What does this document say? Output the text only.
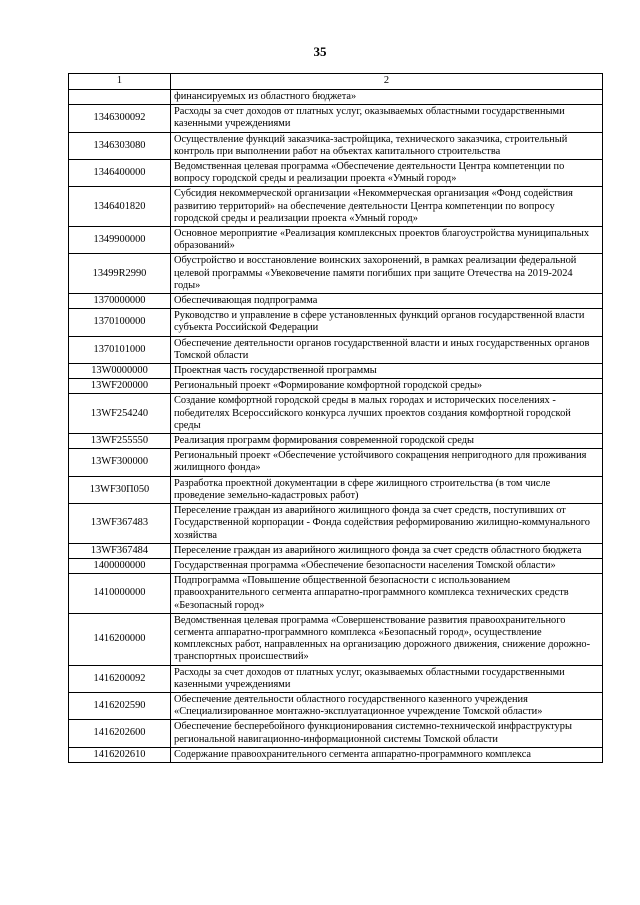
35
1	2
	финансируемых из областного бюджета»
1346300092	Расходы за счет доходов от платных услуг, оказываемых областными государственными казенными учреждениями
1346303080	Осуществление функций заказчика-застройщика, технического заказчика, строительный контроль при выполнении работ на объектах капитального строительства
1346400000	Ведомственная целевая программа «Обеспечение деятельности Центра компетенции по вопросу городской среды и реализации проекта «Умный город»
1346401820	Субсидия некоммерческой организации «Некоммерческая организация «Фонд содействия развитию территорий» на обеспечение деятельности Центра компетенции по вопросу городской среды и реализации проекта «Умный город»
1349900000	Основное мероприятие «Реализация комплексных проектов благоустройства муниципальных образований»
13499R2990	Обустройство и восстановление воинских захоронений, в рамках реализации федеральной целевой программы «Увековечение памяти погибших при защите Отечества на 2019-2024 годы»
1370000000	Обеспечивающая подпрограмма
1370100000	Руководство и управление в сфере установленных функций органов государственной власти субъекта Российской Федерации
1370101000	Обеспечение деятельности органов государственной власти и иных государственных органов Томской области
13W0000000	Проектная часть государственной программы
13WF200000	Региональный проект «Формирование комфортной городской среды»
13WF254240	Создание комфортной городской среды в малых городах и исторических поселениях - победителях Всероссийского конкурса лучших проектов создания комфортной городской среды
13WF255550	Реализация программ формирования современной городской среды
13WF300000	Региональный проект «Обеспечение устойчивого сокращения непригодного для проживания жилищного фонда»
13WF30П050	Разработка проектной документации в сфере жилищного строительства (в том числе проведение земельно-кадастровых работ)
13WF367483	Переселение граждан из аварийного жилищного фонда за счет средств, поступивших от Государственной корпорации - Фонда содействия реформированию жилищно-коммунального хозяйства
13WF367484	Переселение граждан из аварийного жилищного фонда за счет средств областного бюджета
1400000000	Государственная программа «Обеспечение безопасности населения Томской области»
1410000000	Подпрограмма «Повышение общественной безопасности с использованием правоохранительного сегмента аппаратно-программного комплекса технических средств «Безопасный город»
1416200000	Ведомственная целевая программа «Совершенствование развития правоохранительного сегмента аппаратно-программного комплекса «Безопасный город», осуществление комплексных работ, направленных на организацию дорожного движения, снижение дорожно-транспортных происшествий»
1416200092	Расходы за счет доходов от платных услуг, оказываемых областными государственными казенными учреждениями
1416202590	Обеспечение деятельности областного государственного казенного учреждения «Специализированное монтажно-эксплуатационное учреждение Томской области»
1416202600	Обеспечение бесперебойного функционирования системно-технической инфраструктуры региональной навигационно-информационной системы Томской области
1416202610	Содержание правоохранительного сегмента аппаратно-программного комплекса
